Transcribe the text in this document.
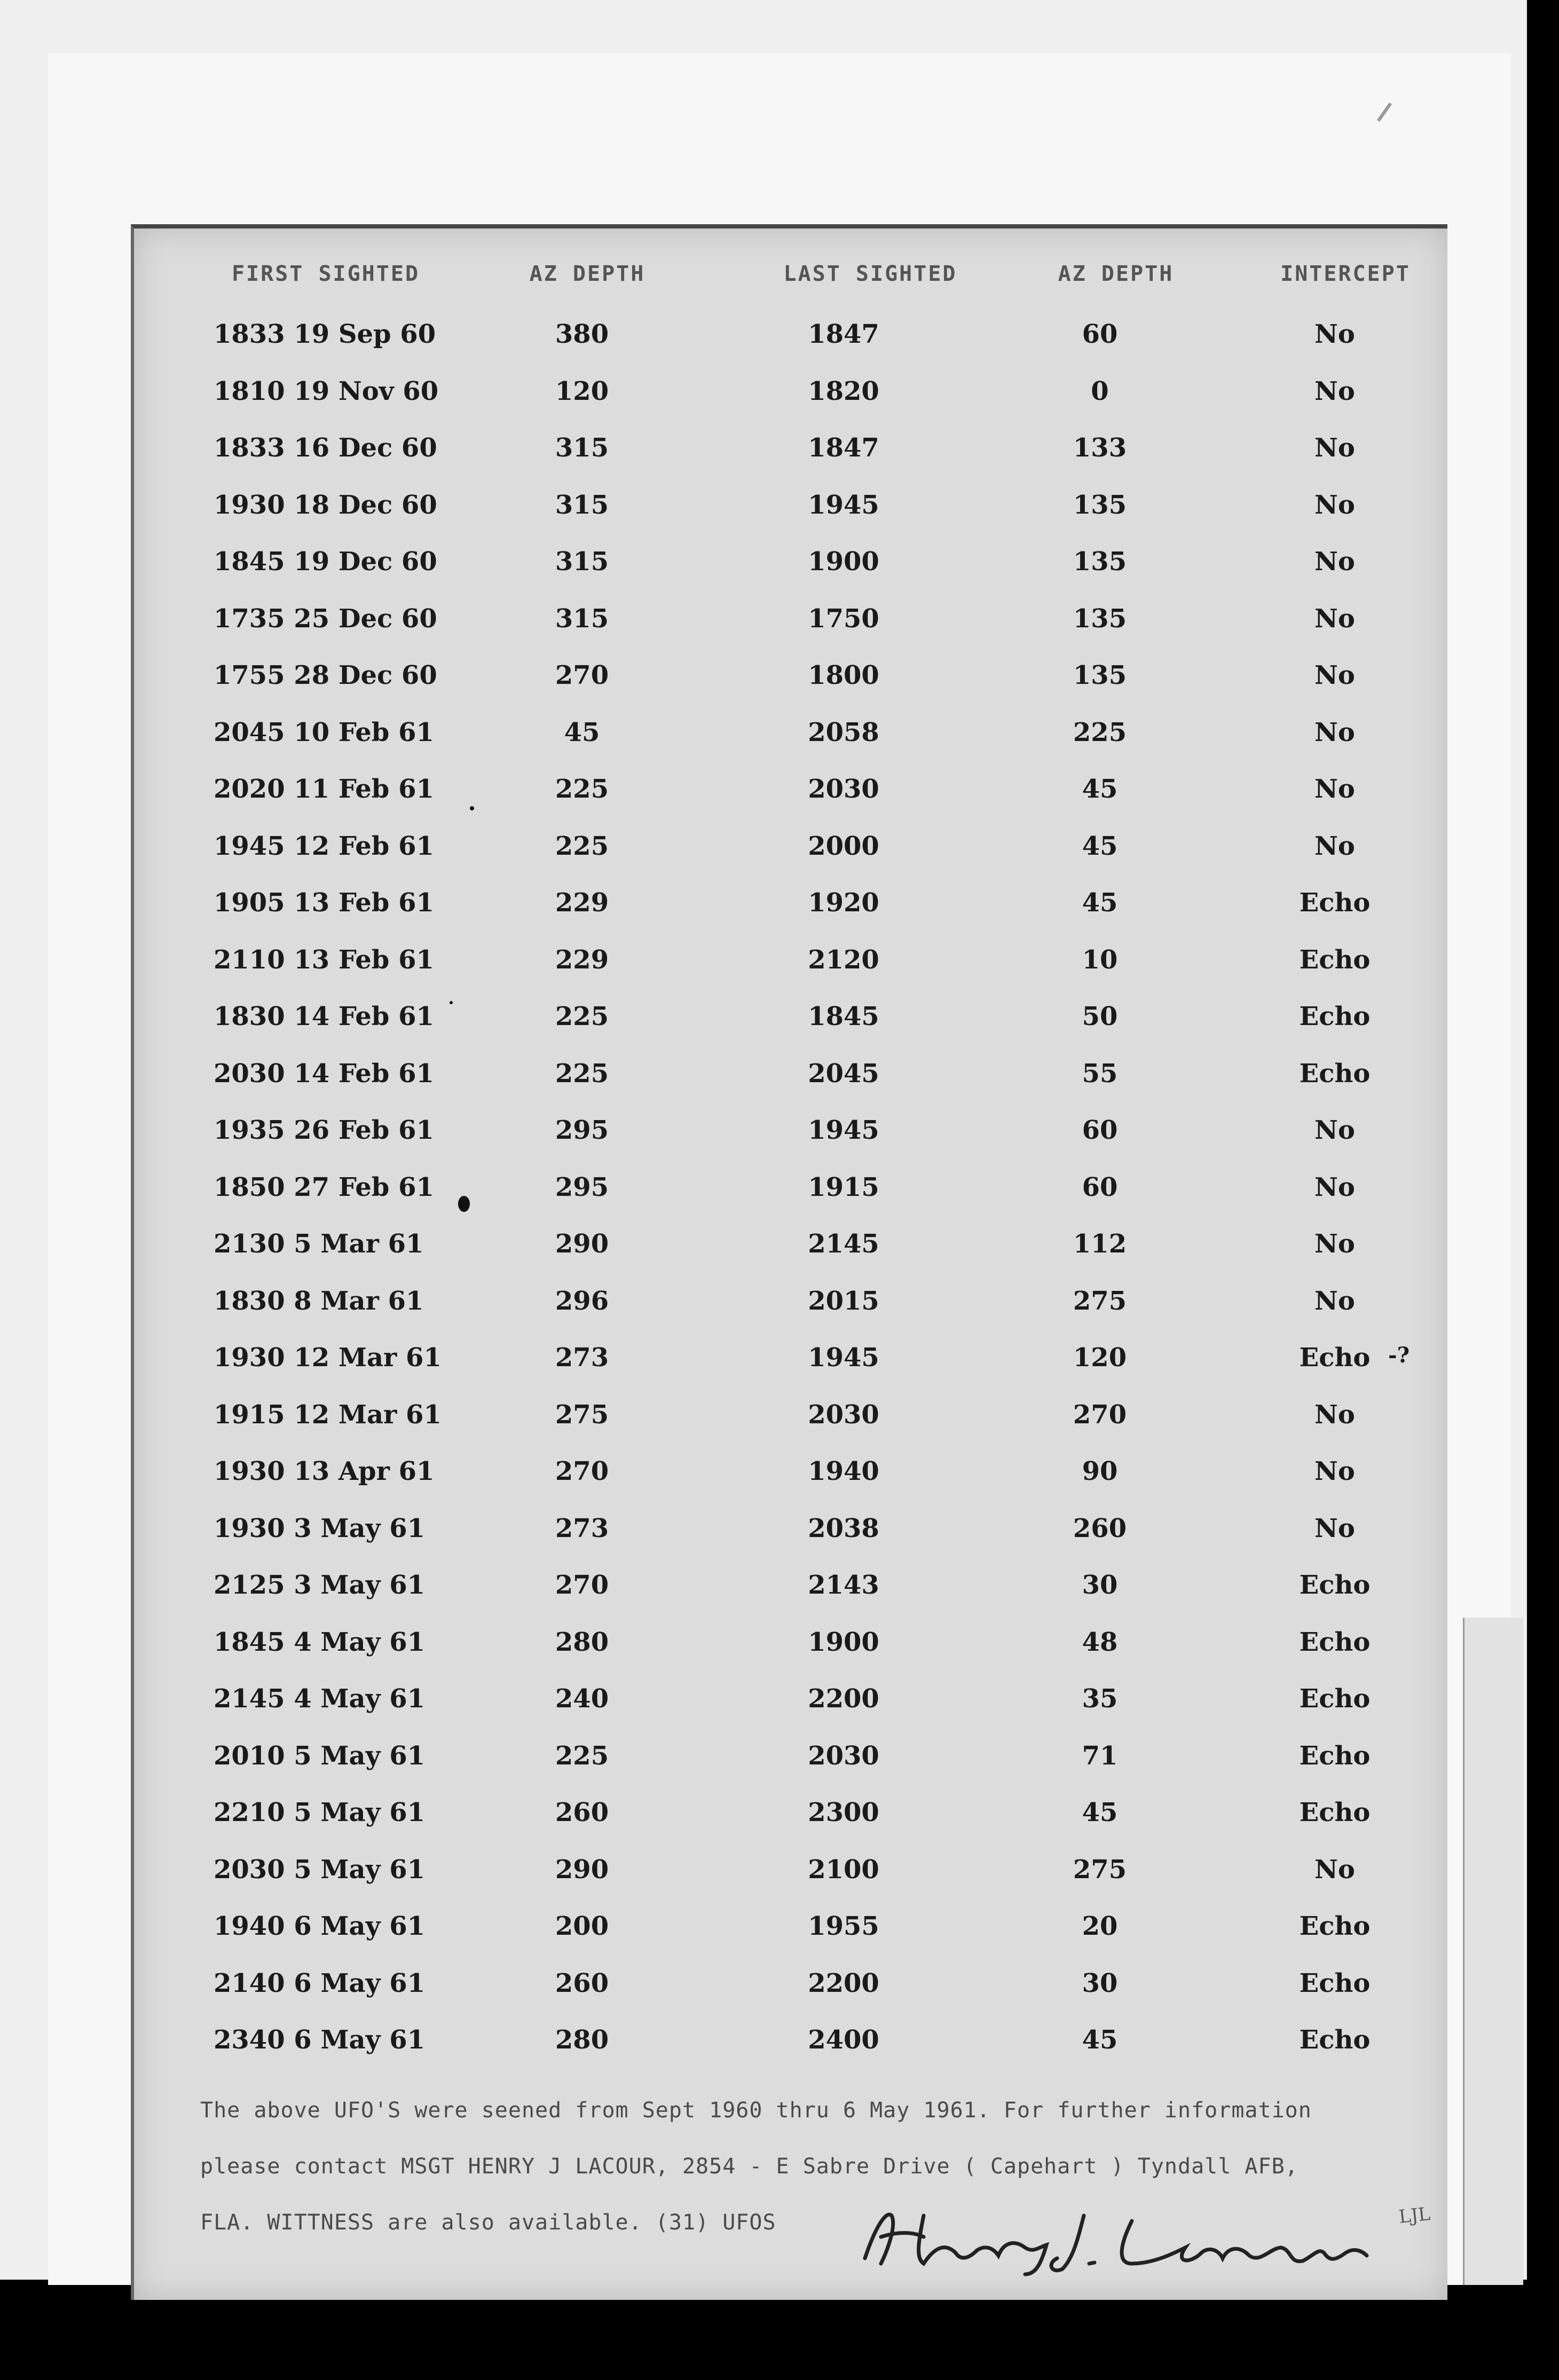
FIRST SIGHTED	AZ DEPTH	LAST SIGHTED	AZ DEPTH	INTERCEPT
1833 19 Sep 60	380	1847	60	No
1810 19 Nov 60	120	1820	0	No
1833 16 Dec 60	315	1847	133	No
1930 18 Dec 60	315	1945	135	No
1845 19 Dec 60	315	1900	135	No
1735 25 Dec 60	315	1750	135	No
1755 28 Dec 60	270	1800	135	No
2045 10 Feb 61	45	2058	225	No
2020 11 Feb 61	225	2030	45	No
1945 12 Feb 61	225	2000	45	No
1905 13 Feb 61	229	1920	45	Echo
2110 13 Feb 61	229	2120	10	Echo
1830 14 Feb 61	225	1845	50	Echo
2030 14 Feb 61	225	2045	55	Echo
1935 26 Feb 61	295	1945	60	No
1850 27 Feb 61	295	1915	60	No
2130 5 Mar 61	290	2145	112	No
1830 8 Mar 61	296	2015	275	No
1930 12 Mar 61	273	1945	120	Echo -?
1915 12 Mar 61	275	2030	270	No
1930 13 Apr 61	270	1940	90	No
1930 3 May 61	273	2038	260	No
2125 3 May 61	270	2143	30	Echo
1845 4 May 61	280	1900	48	Echo
2145 4 May 61	240	2200	35	Echo
2010 5 May 61	225	2030	71	Echo
2210 5 May 61	260	2300	45	Echo
2030 5 May 61	290	2100	275	No
1940 6 May 61	200	1955	20	Echo
2140 6 May 61	260	2200	30	Echo
2340 6 May 61	280	2400	45	Echo
The above UFO'S were seened from Sept 1960 thru 6 May 1961. For further information
please contact MSGT HENRY J LACOUR, 2854 - E Sabre Drive ( Capehart ) Tyndall AFB,
FLA. WITTNESS are also available. (31) UFOS	LJL
